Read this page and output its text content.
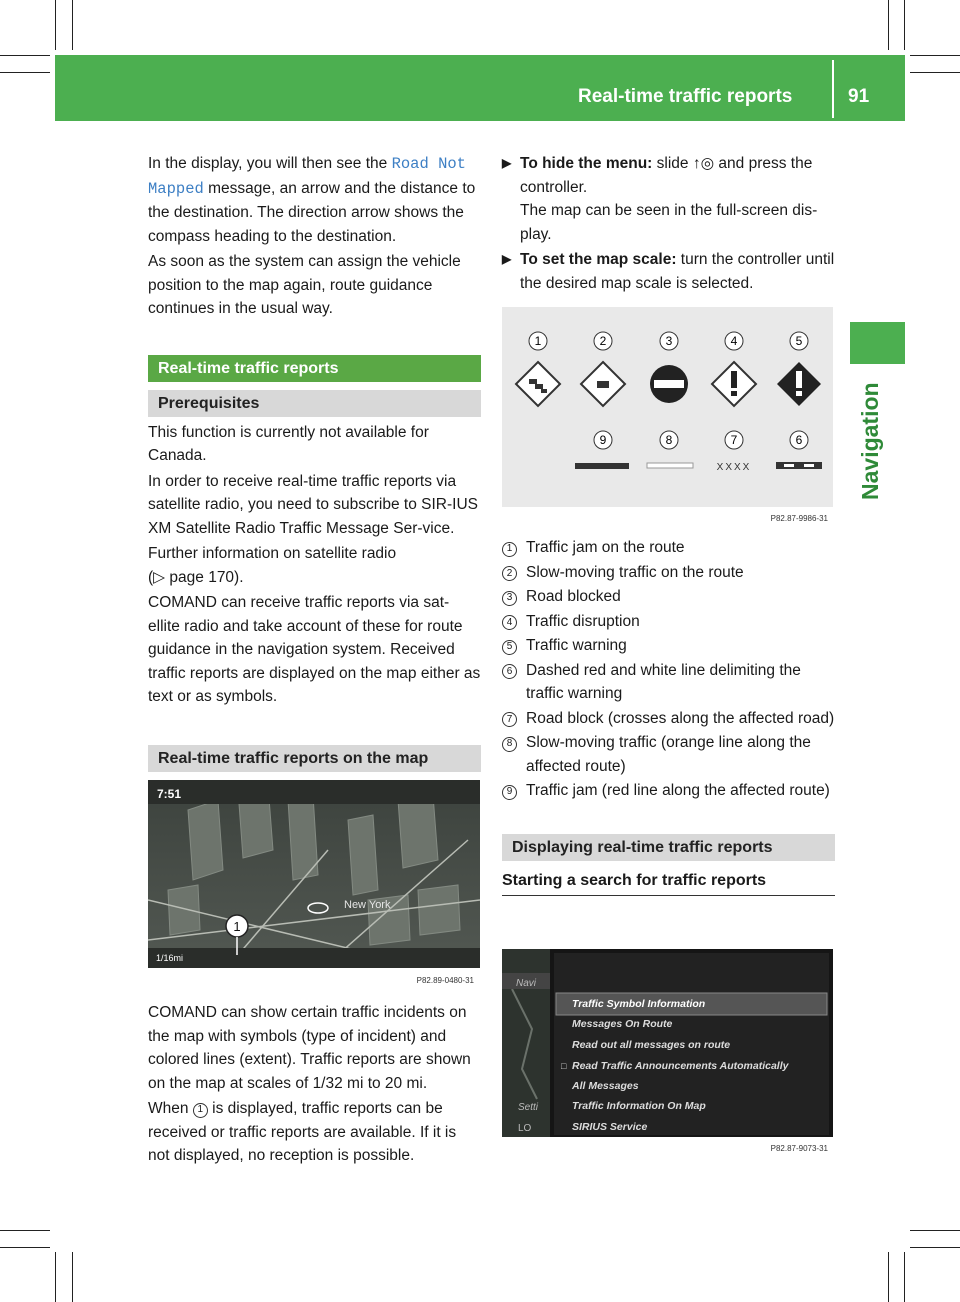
Real-time traffic reports	91
Navigation

In the display, you will then see the Road Not
Mapped message, an arrow and the distance to the destination. The direction arrow shows the compass heading to the destination.

As soon as the system can assign the vehicle position to the map again, route guidance continues in the usual way.

Real-time traffic reports
Prerequisites

This function is currently not available for Canada.

In order to receive real-time traffic reports via satellite radio, you need to subscribe to SIR-IUS XM Satellite Radio Traffic Message Ser-vice.

Further information on satellite radio
(▷ page 170).

COMAND can receive traffic reports via sat-ellite radio and take account of these for route guidance in the navigation system. Received traffic reports are displayed on the map either as text or as symbols.

Real-time traffic reports on the map
7:51
New York
1/16mi
1
P82.89-0480-31

COMAND can show certain traffic incidents on the map with symbols (type of incident) and colored lines (extent). Traffic reports are shown on the map at scales of 1/32 mi to 20 mi.

When 1 is displayed, traffic reports can be received or traffic reports are available. If it is not displayed, no reception is possible.

▶ To hide the menu: slide ↑◎ and press the controller.
The map can be seen in the full-screen dis-play.
▶ To set the map scale: turn the controller until the desired map scale is selected.
1	2	3	4	5
9	8	7
XXXX
6
P82.87-9986-31
1 Traffic jam on the route
2 Slow-moving traffic on the route
3 Road blocked
4 Traffic disruption
5 Traffic warning
6 Dashed red and white line delimiting the traffic warning
7 Road block (crosses along the affected road)
8 Slow-moving traffic (orange line along the affected route)
9 Traffic jam (red line along the affected route)
Displaying real-time traffic reports
Starting a search for traffic reports
Navi
Setti
LO
Traffic Symbol Information
Messages On Route
Read out all messages on route
□ Read Traffic Announcements Automatically
All Messages
Traffic Information On Map
SIRIUS Service
P82.87-9073-31
